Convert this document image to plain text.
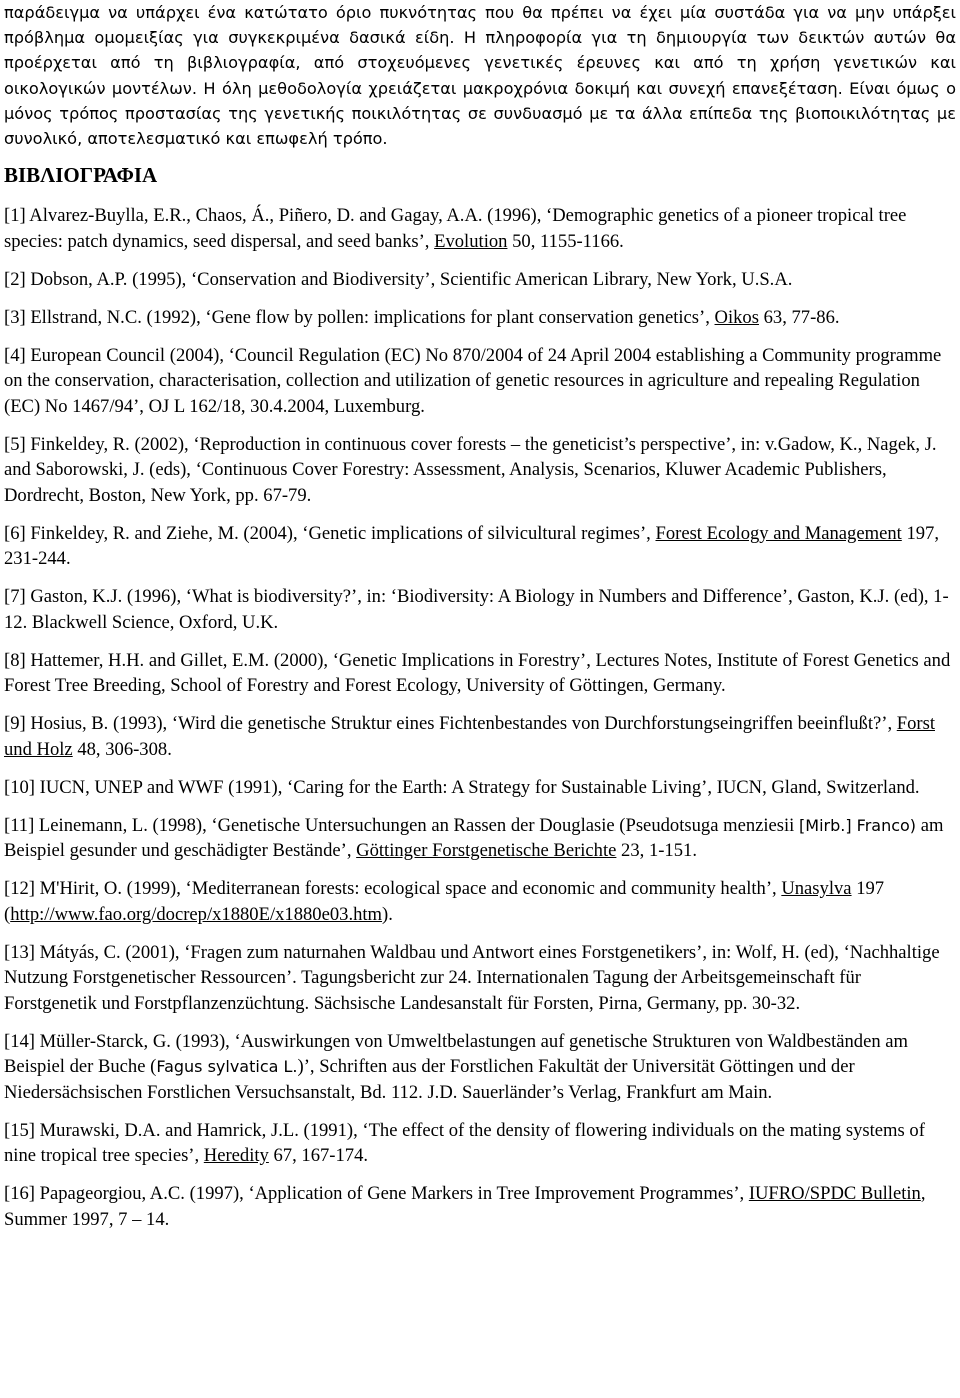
παράδειγμα να υπάρχει ένα κατώτατο όριο πυκνότητας που θα πρέπει να έχει μία συστάδα για να μην υπάρξει πρόβλημα ομομειξίας για συγκεκριμένα δασικά είδη. Η πληροφορία για τη δημιουργία των δεικτών αυτών θα προέρχεται από τη βιβλιογραφία, από στοχευόμενες γενετικές έρευνες και από τη χρήση γενετικών και οικολογικών μοντέλων. Η όλη μεθοδολογία χρειάζεται μακροχρόνια δοκιμή και συνεχή επανεξέταση. Είναι όμως ο μόνος τρόπος προστασίας της γενετικής ποικιλότητας σε συνδυασμό με τα άλλα επίπεδα της βιοποικιλότητας με συνολικό, αποτελεσματικό και επωφελή τρόπο.

ΒΙΒΛΙΟΓΡΑΦΙΑ
[1] Alvarez-Buylla, E.R., Chaos, Á., Piñero, D. and Gagay, A.A. (1996), ‘Demographic genetics of a pioneer tropical tree species: patch dynamics, seed dispersal, and seed banks’, Evolution 50, 1155-1166.
[2] Dobson, A.P. (1995), ‘Conservation and Biodiversity’, Scientific American Library, New York, U.S.A.
[3] Ellstrand, N.C. (1992), ‘Gene flow by pollen: implications for plant conservation genetics’, Oikos 63, 77-86.
[4] European Council (2004), ‘Council Regulation (EC) No 870/2004 of 24 April 2004 establishing a Community programme on the conservation, characterisation, collection and utilization of genetic resources in agriculture and repealing Regulation (EC) No 1467/94’, OJ L 162/18, 30.4.2004, Luxemburg.
[5] Finkeldey, R. (2002), ‘Reproduction in continuous cover forests – the geneticist’s perspective’, in: v.Gadow, K., Nagek, J. and Saborowski, J. (eds), ‘Continuous Cover Forestry: Assessment, Analysis, Scenarios, Kluwer Academic Publishers, Dordrecht, Boston, New York, pp. 67-79.
[6] Finkeldey, R. and Ziehe, M. (2004), ‘Genetic implications of silvicultural regimes’, Forest Ecology and Management 197, 231-244.
[7] Gaston, K.J. (1996), ‘What is biodiversity?’, in: ‘Biodiversity: A Biology in Numbers and Difference’, Gaston, K.J. (ed), 1-12. Blackwell Science, Oxford, U.K.
[8] Hattemer, H.H. and Gillet, E.M. (2000), ‘Genetic Implications in Forestry’, Lectures Notes, Institute of Forest Genetics and Forest Tree Breeding, School of Forestry and Forest Ecology, University of Göttingen, Germany.
[9] Hosius, B. (1993), ‘Wird die genetische Struktur eines Fichtenbestandes von Durchforstungseingriffen beeinflußt?’, Forst und Holz 48, 306-308.
[10] IUCN, UNEP and WWF (1991), ‘Caring for the Earth: A Strategy for Sustainable Living’, IUCN, Gland, Switzerland.
[11] Leinemann, L. (1998), ‘Genetische Untersuchungen an Rassen der Douglasie (Pseudotsuga menziesii [Mirb.] Franco) am Beispiel gesunder und geschädigter Bestände’, Göttinger Forstgenetische Berichte 23, 1-151.
[12] M'Hirit, O. (1999), ‘Mediterranean forests: ecological space and economic and community health’, Unasylva 197 (http://www.fao.org/docrep/x1880E/x1880e03.htm).
[13] Mátyás, C. (2001), ‘Fragen zum naturnahen Waldbau und Antwort eines Forstgenetikers’, in: Wolf, H. (ed), ‘Nachhaltige Nutzung Forstgenetischer Ressourcen’. Tagungsbericht zur 24. Internationalen Tagung der Arbeitsgemeinschaft für Forstgenetik und Forstpflanzenzüchtung. Sächsische Landesanstalt für Forsten, Pirna, Germany, pp. 30-32.
[14] Müller-Starck, G. (1993), ‘Auswirkungen von Umweltbelastungen auf genetische Strukturen von Waldbeständen am Beispiel der Buche (Fagus sylvatica L.)’, Schriften aus der Forstlichen Fakultät der Universität Göttingen und der Niedersächsischen Forstlichen Versuchsanstalt, Bd. 112. J.D. Sauerländer’s Verlag, Frankfurt am Main.
[15] Murawski, D.A. and Hamrick, J.L. (1991), ‘The effect of the density of flowering individuals on the mating systems of nine tropical tree species’, Heredity 67, 167-174.
[16] Papageorgiou, A.C. (1997), ‘Application of Gene Markers in Tree Improvement Programmes’, IUFRO/SPDC Bulletin, Summer 1997, 7 – 14.
